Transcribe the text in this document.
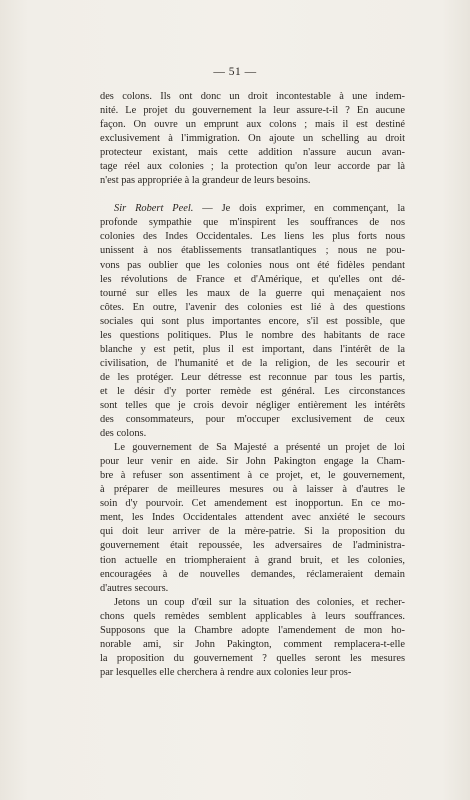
— 51 —
des colons. Ils ont donc un droit incontestable à une indem-
nité. Le projet du gouvernement la leur assure-t-il ? En aucune
façon. On ouvre un emprunt aux colons ; mais il est destiné
exclusivement à l'immigration. On ajoute un schelling au droit
protecteur existant, mais cette addition n'assure aucun avan-
tage réel aux colonies ; la protection qu'on leur accorde par là
n'est pas appropriée à la grandeur de leurs besoins.
Sir Robert Peel. — Je dois exprimer, en commençant, la
profonde sympathie que m'inspirent les souffrances de nos
colonies des Indes Occidentales. Les liens les plus forts nous
unissent à nos établissements transatlantiques ; nous ne pou-
vons pas oublier que les colonies nous ont été fidèles pendant
les révolutions de France et d'Amérique, et qu'elles ont dé-
tourné sur elles les maux de la guerre qui menaçaient nos
côtes. En outre, l'avenir des colonies est lié à des questions
sociales qui sont plus importantes encore, s'il est possible, que
les questions politiques. Plus le nombre des habitants de race
blanche y est petit, plus il est important, dans l'intérêt de la
civilisation, de l'humanité et de la religion, de les secourir et
de les protéger. Leur détresse est reconnue par tous les partis,
et le désir d'y porter remède est général. Les circonstances
sont telles que je crois devoir négliger entièrement les intérêts
des consommateurs, pour m'occuper exclusivement de ceux
des colons.
Le gouvernement de Sa Majesté a présenté un projet de loi
pour leur venir en aide. Sir John Pakington engage la Cham-
bre à refuser son assentiment à ce projet, et, le gouvernement,
à préparer de meilleures mesures ou à laisser à d'autres le
soin d'y pourvoir. Cet amendement est inopportun. En ce mo-
ment, les Indes Occidentales attendent avec anxiété le secours
qui doit leur arriver de la mère-patrie. Si la proposition du
gouvernement était repoussée, les adversaires de l'administra-
tion actuelle en triompheraient à grand bruit, et les colonies,
encouragées à de nouvelles demandes, réclameraient demain
d'autres secours.
Jetons un coup d'œil sur la situation des colonies, et recher-
chons quels remèdes semblent applicables à leurs souffrances.
Supposons que la Chambre adopte l'amendement de mon ho-
norable ami, sir John Pakington, comment remplacera-t-elle
la proposition du gouvernement ? quelles seront les mesures
par lesquelles elle cherchera à rendre aux colonies leur pros-
